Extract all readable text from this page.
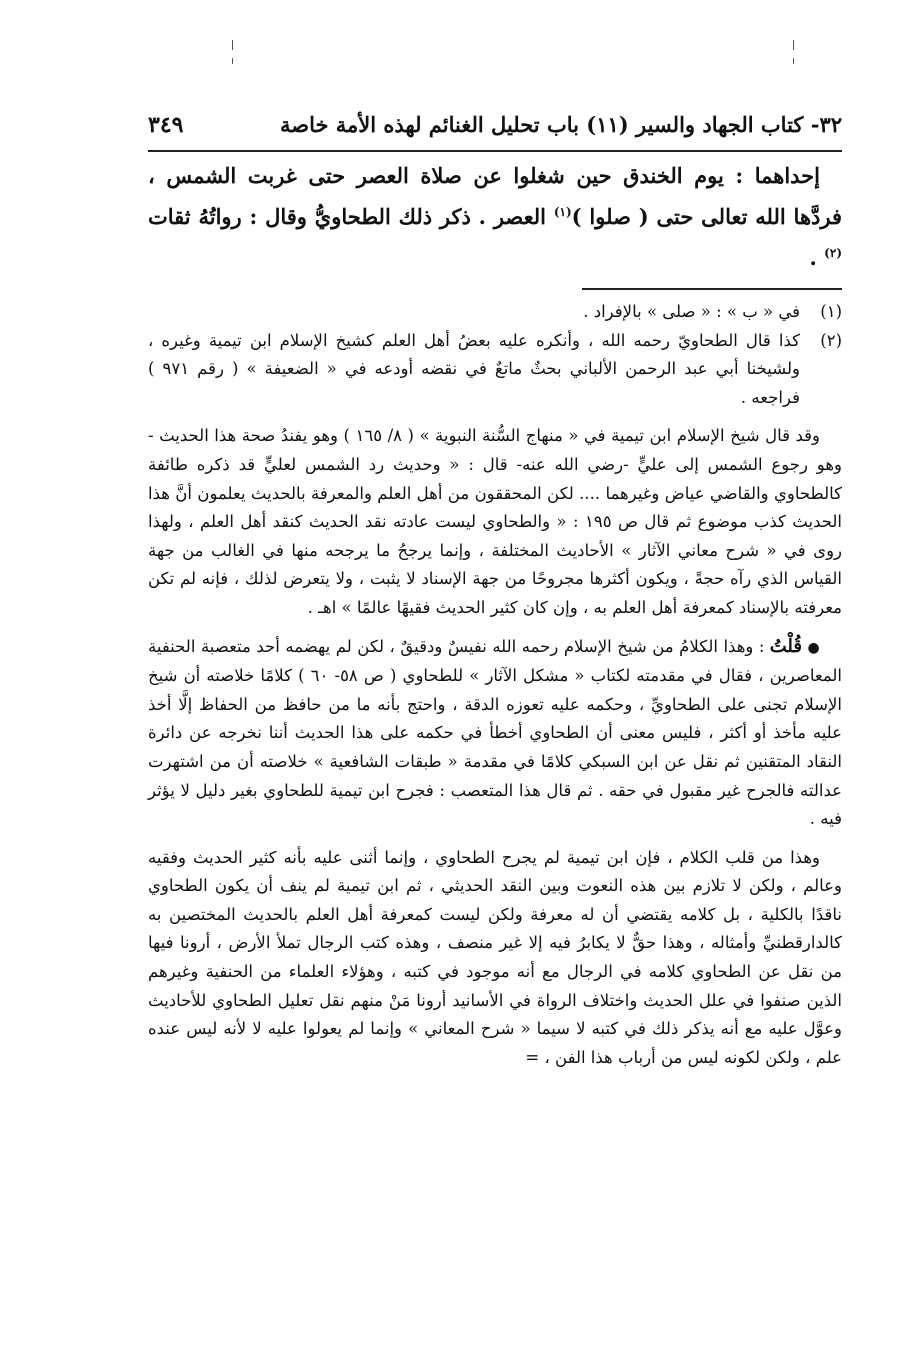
٣٢- كتاب الجهاد والسير (١١) باب تحليل الغنائم لهذه الأمة خاصة
٣٤٩

إحداهما : يوم الخندق حين شغلوا عن صلاة العصر حتى غربت الشمس ، فردَّها الله تعالى حتى ( صلوا )$^{(١)}$ العصر . ذكر ذلك الطحاويُّ وقال : رواتُهُ ثقات $^{(٢)}$ .

(١)
في « ب » : « صلى » بالإفراد .
(٢)
كذا قال الطحاويّ رحمه الله ، وأنكره عليه بعضُ أهل العلم كشيخ الإسلام ابن تيمية وغيره ، ولشيخنا أبي عبد الرحمن الألباني بحثٌ ماتعٌ في نقضه أودعه في « الضعيفة » ( رقم ٩٧١ ) فراجعه .

وقد قال شيخ الإسلام ابن تيمية في « منهاج السُّنة النبوية » ( ٨/ ١٦٥ ) وهو يفندُ صحة هذا الحديث - وهو رجوع الشمس إلى عليٍّ -رضي الله عنه- قال : « وحديث رد الشمس لعليٍّ قد ذكره طائفة كالطحاوي والقاضي عياض وغيرهما .... لكن المحققون من أهل العلم والمعرفة بالحديث يعلمون أنَّ هذا الحديث كذب موضوع ثم قال ص ١٩٥ : « والطحاوي ليست عادته نقد الحديث كنقد أهل العلم ، ولهذا روى في « شرح معاني الآثار » الأحاديث المختلفة ، وإنما يرجحُ ما يرجحه منها في الغالب من جهة القياس الذي رآه حجةً ، ويكون أكثرها مجروحًا من جهة الإسناد لا يثبت ، ولا يتعرض لذلك ، فإنه لم تكن معرفته بالإسناد كمعرفة أهل العلم به ، وإن كان كثير الحديث فقيهًا عالمًا » اهـ .

● قُلْتُ : وهذا الكلامُ من شيخ الإسلام رحمه الله نفيسٌ ودقيقٌ ، لكن لم يهضمه أحد متعصبة الحنفية المعاصرين ، فقال في مقدمته لكتاب « مشكل الآثار » للطحاوي ( ص ٥٨- ٦٠ ) كلامًا خلاصته أن شيخ الإسلام تجنى على الطحاويِّ ، وحكمه عليه تعوزه الدقة ، واحتج بأنه ما من حافظ من الحفاظ إلَّا أخذ عليه مأخذ أو أكثر ، فليس معنى أن الطحاوي أخطأ في حكمه على هذا الحديث أننا نخرجه عن دائرة النقاد المتقنين ثم نقل عن ابن السبكي كلامًا في مقدمة « طبقات الشافعية » خلاصته أن من اشتهرت عدالته فالجرح غير مقبول في حقه . ثم قال هذا المتعصب : فجرح ابن تيمية للطحاوي بغير دليل لا يؤثر فيه .

وهذا من قلب الكلام ، فإن ابن تيمية لم يجرح الطحاوي ، وإنما أثنى عليه بأنه كثير الحديث وفقيه وعالم ، ولكن لا تلازم بين هذه النعوت وبين النقد الحديثي ، ثم ابن تيمية لم ينف أن يكون الطحاوي ناقدًا بالكلية ، بل كلامه يقتضي أن له معرفة ولكن ليست كمعرفة أهل العلم بالحديث المختصين به كالدارقطنيِّ وأمثاله ، وهذا حقٌّ لا يكابرُ فيه إلا غير منصف ، وهذه كتب الرجال تملأ الأرض ، أرونا فيها من نقل عن الطحاوي كلامه في الرجال مع أنه موجود في كتبه ، وهؤلاء العلماء من الحنفية وغيرهم الذين صنفوا في علل الحديث واختلاف الرواة في الأسانيد أرونا مَنْ منهم نقل تعليل الطحاوي للأحاديث وعوَّل عليه مع أنه يذكر ذلك في كتبه لا سيما « شرح المعاني » وإنما لم يعولوا عليه لا لأنه ليس عنده علم ، ولكن لكونه ليس من أرباب هذا الفن ، =
